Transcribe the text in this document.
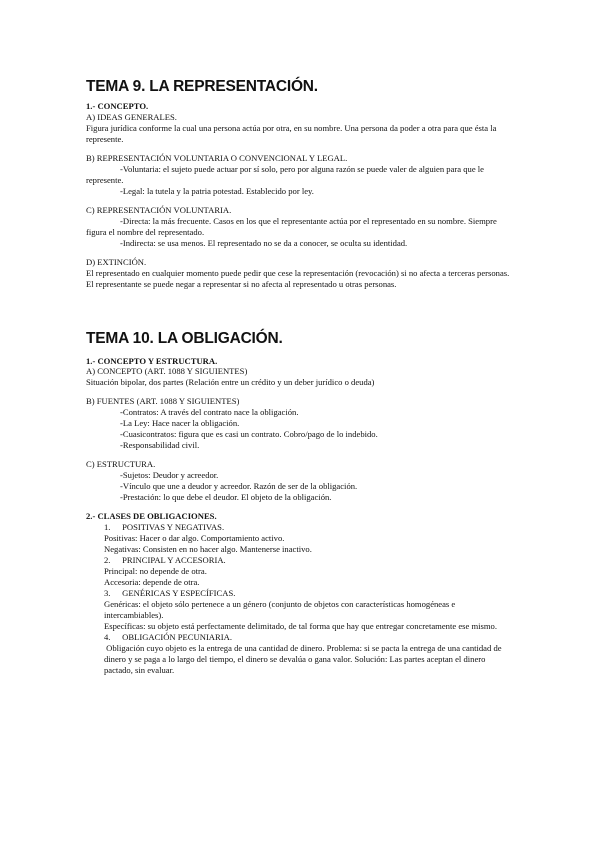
TEMA 9. LA REPRESENTACIÓN.
1.- CONCEPTO.
A) IDEAS GENERALES.
Figura jurídica conforme la cual una persona actúa por otra, en su nombre. Una persona da poder a otra para que ésta la represente.
B) REPRESENTACIÓN VOLUNTARIA O CONVENCIONAL Y LEGAL.
-Voluntaria: el sujeto puede actuar por sí solo, pero por alguna razón se puede valer de alguien para que le represente.
-Legal: la tutela y la patria potestad. Establecido por ley.
C) REPRESENTACIÓN VOLUNTARIA.
-Directa: la más frecuente. Casos en los que el representante actúa por el representado en su nombre. Siempre figura el nombre del representado.
-Indirecta: se usa menos. El representado no se da a conocer, se oculta su identidad.
D) EXTINCIÓN.
El representado en cualquier momento puede pedir que cese la representación (revocación) si no afecta a terceras personas. El representante se puede negar a representar si no afecta al representado u otras personas.
TEMA 10. LA OBLIGACIÓN.
1.- CONCEPTO Y ESTRUCTURA.
A) CONCEPTO (ART. 1088 Y SIGUIENTES)
Situación bipolar, dos partes (Relación entre un crédito y un deber jurídico o deuda)
B) FUENTES (ART. 1088 Y SIGUIENTES)
-Contratos: A través del contrato nace la obligación.
-La Ley: Hace nacer la obligación.
-Cuasicontratos: figura que es casi un contrato. Cobro/pago de lo indebido.
-Responsabilidad civil.
C) ESTRUCTURA.
-Sujetos: Deudor y acreedor.
-Vínculo que une a deudor y acreedor. Razón de ser de la obligación.
-Prestación: lo que debe el deudor. El objeto de la obligación.
2.- CLASES DE OBLIGACIONES.
1. POSITIVAS Y NEGATIVAS.
Positivas: Hacer o dar algo. Comportamiento activo.
Negativas: Consisten en no hacer algo. Mantenerse inactivo.
2. PRINCIPAL Y ACCESORIA.
Principal: no depende de otra.
Accesoria: depende de otra.
3. GENÉRICAS Y ESPECÍFICAS.
Genéricas: el objeto sólo pertenece a un género (conjunto de objetos con características homogéneas e intercambiables).
Específicas: su objeto está perfectamente delimitado, de tal forma que hay que entregar concretamente ese mismo.
4. OBLIGACIÓN PECUNIARIA.
Obligación cuyo objeto es la entrega de una cantidad de dinero. Problema: si se pacta la entrega de una cantidad de dinero y se paga a lo largo del tiempo, el dinero se devalúa o gana valor. Solución: Las partes aceptan el dinero pactado, sin evaluar.
